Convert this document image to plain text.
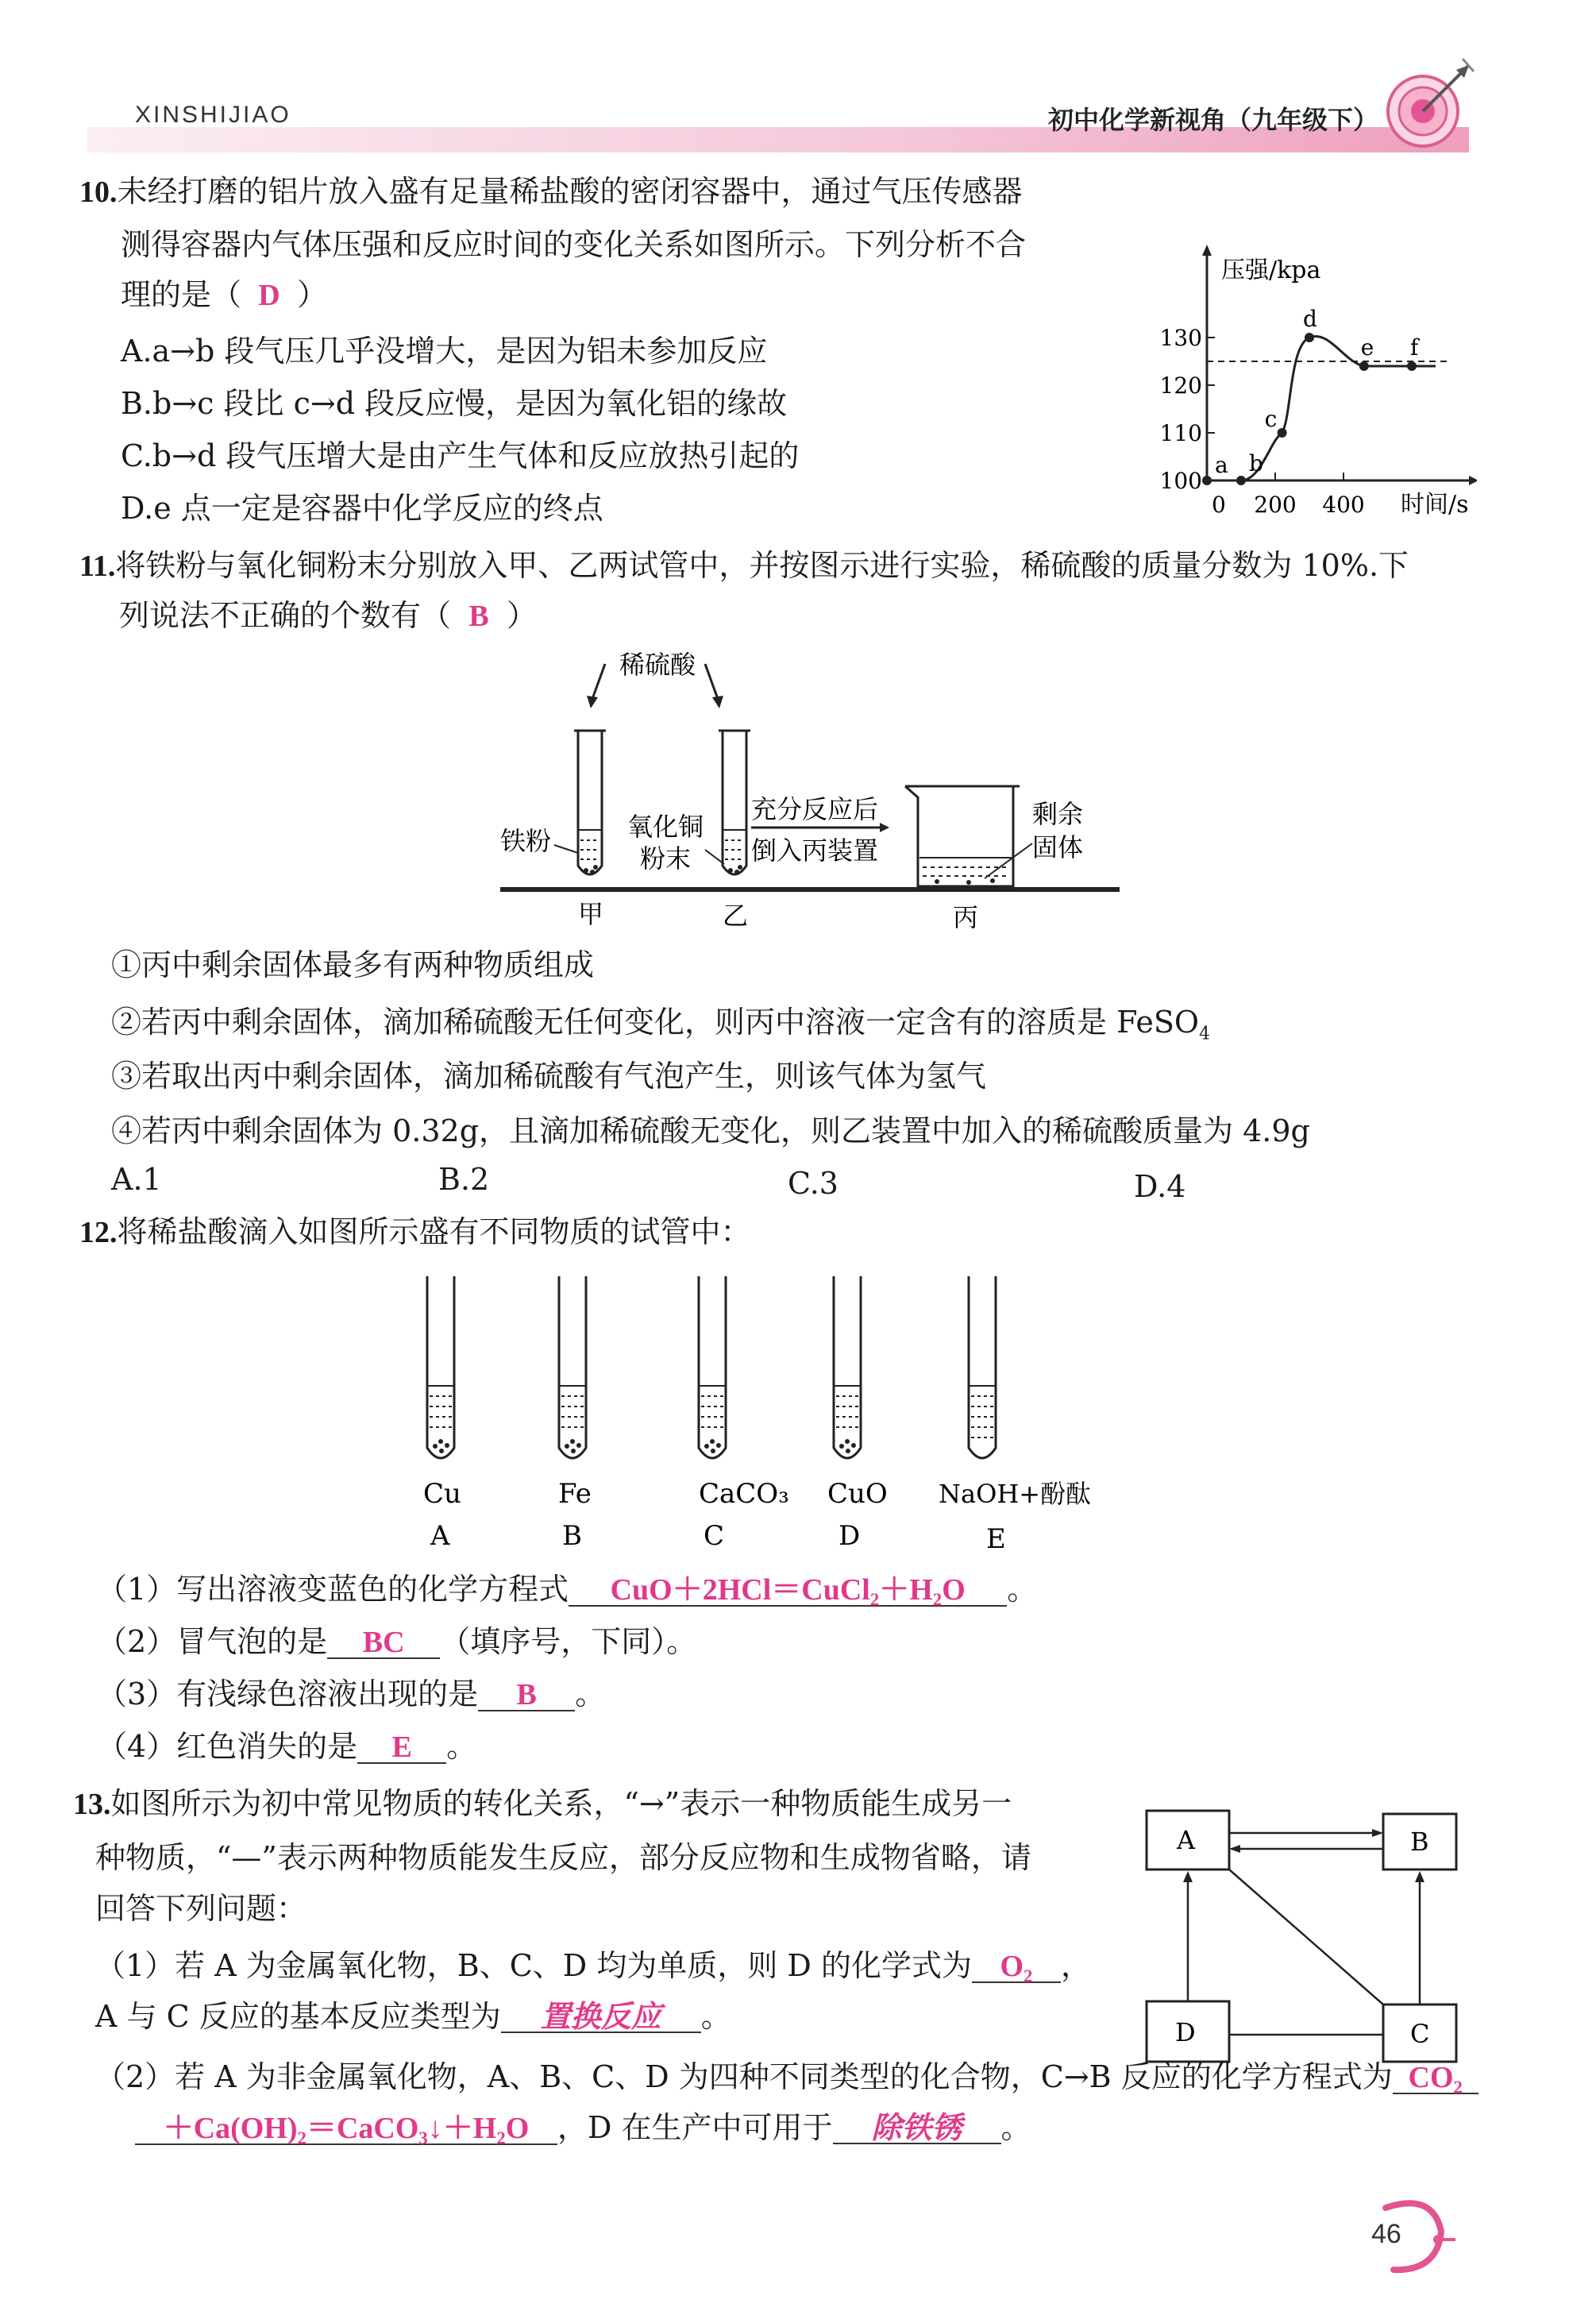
XINSHIJIAO	初中化学新视角（九年级下）
10.未经打磨的铝片放入盛有足量稀盐酸的密闭容器中，通过气压传感器
测得容器内气体压强和反应时间的变化关系如图所示。下列分析不合
理的是（ D ）
A.a→b 段气压几乎没增大，是因为铝未参加反应
B.b→c 段比 c→d 段反应慢，是因为氧化铝的缘故
C.b→d 段气压增大是由产生气体和反应放热引起的
D.e 点一定是容器中化学反应的终点
压强/kpa
时间/s
100
110
120
130
0 200 400
a b
c
d
e f
11.将铁粉与氧化铜粉末分别放入甲、乙两试管中，并按图示进行实验，稀硫酸的质量分数为 10%.下
列说法不正确的个数有（ B ）
稀硫酸
铁粉	氧化铜
粉末
充分反应后
倒入丙装置
剩余
固体
甲	乙	丙
①丙中剩余固体最多有两种物质组成
②若丙中剩余固体，滴加稀硫酸无任何变化，则丙中溶液一定含有的溶质是 FeSO$_4$
③若取出丙中剩余固体，滴加稀硫酸有气泡产生，则该气体为氢气
④若丙中剩余固体为 0.32g，且滴加稀硫酸无变化，则乙装置中加入的稀硫酸质量为 4.9g
A.1	B.2	C.3	D.4
12.将稀盐酸滴入如图所示盛有不同物质的试管中：
Cu
A
Fe
B
CaCO₃
C
CuO
D
NaOH+酚酞
E
（1）写出溶液变蓝色的化学方程式 CuO＋2HCl＝CuCl₂＋H₂O 。
（2）冒气泡的是 BC （填序号，下同）。
（3）有浅绿色溶液出现的是 B 。
（4）红色消失的是 E 。
13.如图所示为初中常见物质的转化关系，“→”表示一种物质能生成另一
种物质，“—”表示两种物质能发生反应，部分反应物和生成物省略，请
回答下列问题：
A	B
C
D
（1）若 A 为金属氧化物，B、C、D 均为单质，则 D 的化学式为 O₂ ，
A 与 C 反应的基本反应类型为 置换反应 。
（2）若 A 为非金属氧化物，A、B、C、D 为四种不同类型的化合物，C→B 反应的化学方程式为 CO₂
＋Ca(OH)₂＝CaCO₃↓＋H₂O ，D 在生产中可用于 除铁锈 。
46
